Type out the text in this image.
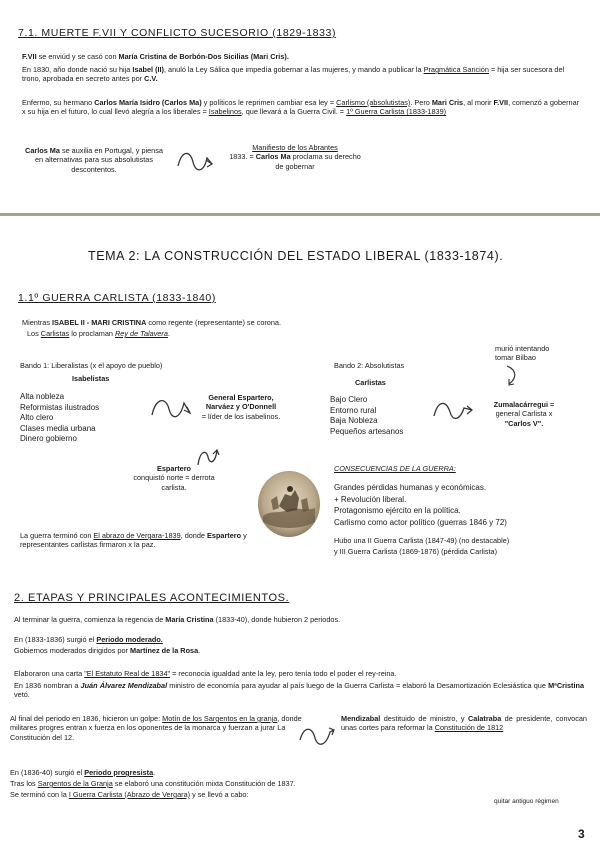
7.1. MUERTE F.VII Y CONFLICTO SUCESORIO (1829-1833)
F.VII se enviúd y se casó con María Cristina de Borbón-Dos Sicilias (Mari Cris).
En 1830, año donde nació su hija Isabel (II), anuló la Ley Sálica que impedía gobernar a las mujeres, y mando a publicar la Pragmática Sanción = hija ser sucesora del trono, aprobada en secreto antes por C.V.
Enfermo, su hermano Carlos María Isidro (Carlos Ma) y políticos le reprimen cambiar esa ley = Carlismo (absolutistas). Pero Mari Cris, al morir F.VII, comenzó a gobernar x su hija en el futuro, lo cual llevó alegría a los liberales = Isabelinos, que llevará a la Guerra Civil. = 1º Guerra Carlista (1833-1839)
Carlos Ma se auxilia en Portugal, y piensa en alternativas para sus absolutistas descontentos.
Manifiesto de los Abrantes
1833. = Carlos Ma proclama su derecho de gobernar
TEMA 2: LA CONSTRUCCIÓN DEL ESTADO LIBERAL (1833-1874).
1.1º GUERRA CARLISTA (1833-1840)
Mientras ISABEL II - MARI CRISTINA como regente (representante) se corona.
Los Carlistas lo proclaman Rey de Talavera.
Bando 1: Liberalistas (x el apoyo de pueblo)
Isabelistas
Alta nobleza
Reformistas ilustrados
Alto clero
Clases media urbana
Dinero gobierno
General Espartero,
Narváez y O'Donnell
= líder de los isabelinos.
Espartero
conquistó norte = derrota carlista.
Bando 2: Absolutistas
Carlistas
Bajo Clero
Entorno rural
Baja Nobleza
Pequeños artesanos
murió intentando tomar Bilbao
Zumalacárregui =
general Carlista x
"Carlos V".
CONSECUENCIAS DE LA GUERRA:
Grandes pérdidas humanas y económicas.
+ Revolución liberal.
Protagonismo ejército en la política.
Carlismo como actor político (guerras 1846 y 72)
Hubo una II Guerra Carlista (1847-49) (no destacable)
y III Guerra Carlista (1869-1876) (pérdida Carlista)
La guerra terminó con El abrazo de Vergara-1839, donde Espartero y representantes carlistas firmaron x la paz.
2. ETAPAS Y PRINCIPALES ACONTECIMIENTOS.
Al terminar la guerra, comienza la regencia de María Cristina (1833-40), donde hubieron 2 periodos.
En (1833-1836) surgió el Periodo moderado.
Gobiernos moderados dirigidos por Martínez de la Rosa.
Elaboraron una carta "El Estatuto Real de 1834" = reconocia igualdad ante la ley, pero tenía todo el poder el rey-reina.
En 1836 nombran a Juán Álvarez Mendizabal ministro de economía para ayudar al país luego de la Guerra Carlista = elaboró la Desamortización Eclesiástica que MªCristina vetó.
Al final del periodo en 1836, hicieron un golpe: Motín de los Sargentos en la granja, donde militares progres entran x fuerza en los oponentes de la monarca y fuerzan a jurar La Constitución del 12.
Mendizabal destituido de ministro, y Calatraba de presidente, convocan unas cortes para reformar la Constitución de 1812
En (1836-40) surgió el Periodo progresista.
Tras los Sargentos de la Granja se elaboró una constitución mixta Constitución de 1837.
Se terminó con la I Guerra Carlista (Abrazo de Vergara) y se llevó a cabo:
quitar antiguo régimen
3
